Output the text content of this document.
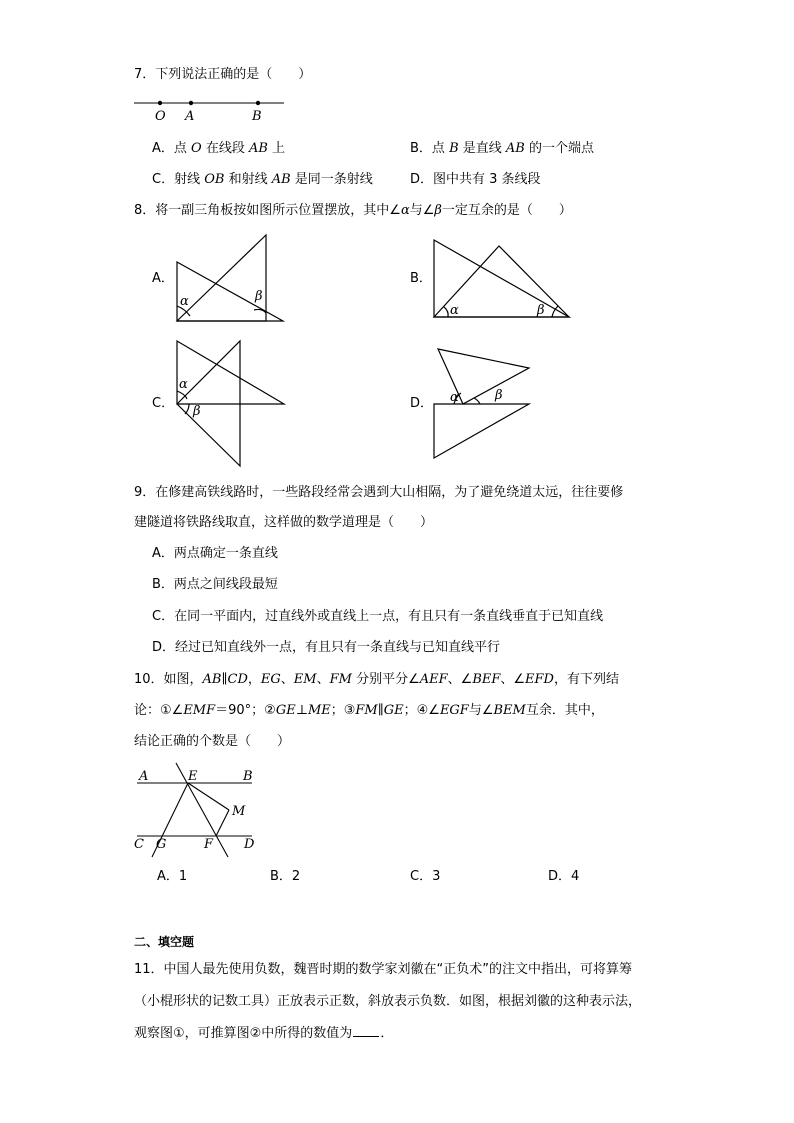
7．下列说法正确的是（　　）
O A	B
A．点 O 在线段 AB 上	B．点 B 是直线 AB 的一个端点
C．射线 OB 和射线 AB 是同一条射线	D．图中共有 3 条线段
8．将一副三角板按如图所示位置摆放，其中∠α与∠β一定互余的是（　　）
A．	B．
C．	D．
α	β
α	β
α
β
α	β
9．在修建高铁线路时，一些路段经常会遇到大山相隔，为了避免绕道太远，往往要修
建隧道将铁路线取直，这样做的数学道理是（　　）
A．两点确定一条直线
B．两点之间线段最短
C．在同一平面内，过直线外或直线上一点，有且只有一条直线垂直于已知直线
D．经过已知直线外一点，有且只有一条直线与已知直线平行
10．如图，AB∥CD，EG、EM、FM 分别平分∠AEF、∠BEF、∠EFD，有下列结
论：①∠EMF＝90°；②GE⊥ME；③FM∥GE；④∠EGF与∠BEM互余．其中，
结论正确的个数是（　　）
A	E	B
M
C G	F D
A．1	B．2	C．3	D．4
二、填空题
11．中国人最先使用负数，魏晋时期的数学家刘徽在“正负术”的注文中指出，可将算筹
（小棍形状的记数工具）正放表示正数，斜放表示负数．如图，根据刘徽的这种表示法，
观察图①，可推算图②中所得的数值为 ．
